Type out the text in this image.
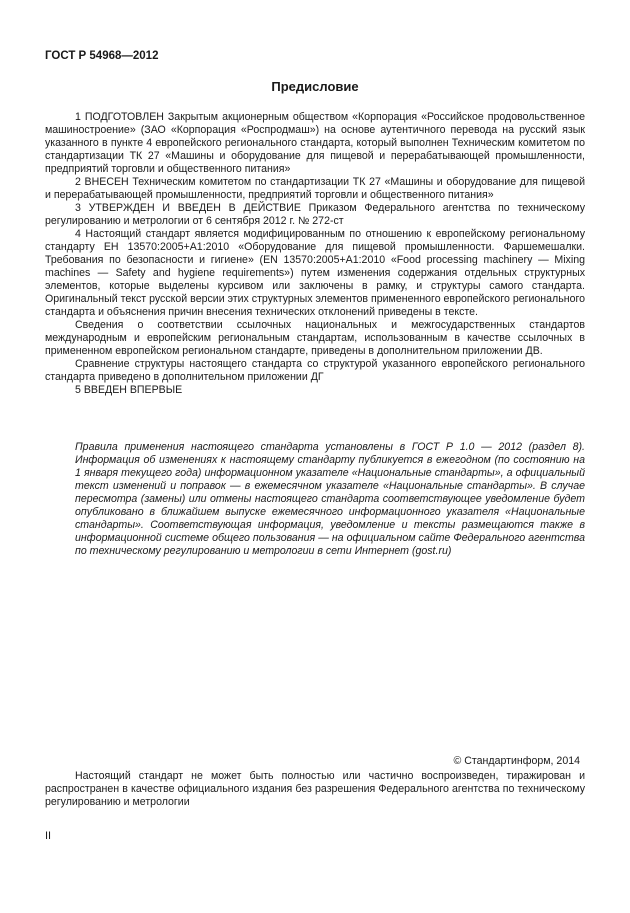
ГОСТ Р 54968—2012
Предисловие

1 ПОДГОТОВЛЕН Закрытым акционерным обществом «Корпорация «Российское продовольственное машиностроение» (ЗАО «Корпорация «Роспродмаш») на основе аутентичного перевода на русский язык указанного в пункте 4 европейского регионального стандарта, который выполнен Техническим комитетом по стандартизации ТК 27 «Машины и оборудование для пищевой и перерабатывающей промышленности, предприятий торговли и общественного питания»

2 ВНЕСЕН Техническим комитетом по стандартизации ТК 27 «Машины и оборудование для пищевой и перерабатывающей промышленности, предприятий торговли и общественного питания»

3 УТВЕРЖДЕН И ВВЕДЕН В ДЕЙСТВИЕ Приказом Федерального агентства по техническому регулированию и метрологии от 6 сентября 2012 г. № 272-ст

4 Настоящий стандарт является модифицированным по отношению к европейскому региональному стандарту ЕН 13570:2005+А1:2010 «Оборудование для пищевой промышленности. Фаршемешалки. Требования по безопасности и гигиене» (EN 13570:2005+A1:2010 «Food processing machinery — Mixing machines — Safety and hygiene requirements») путем изменения содержания отдельных структурных элементов, которые выделены курсивом или заключены в рамку, и структуры самого стандарта. Оригинальный текст русской версии этих структурных элементов примененного европейского регионального стандарта и объяснения причин внесения технических отклонений приведены в тексте.

Сведения о соответствии ссылочных национальных и межгосударственных стандартов международным и европейским региональным стандартам, использованным в качестве ссылочных в примененном европейском региональном стандарте, приведены в дополнительном приложении ДВ.

Сравнение структуры настоящего стандарта со структурой указанного европейского регионального стандарта приведено в дополнительном приложении ДГ

5 ВВЕДЕН ВПЕРВЫЕ

Правила применения настоящего стандарта установлены в ГОСТ Р 1.0 — 2012 (раздел 8). Информация об изменениях к настоящему стандарту публикуется в ежегодном (по состоянию на 1 января текущего года) информационном указателе «Национальные стандарты», а официальный текст изменений и поправок — в ежемесячном указателе «Национальные стандарты». В случае пересмотра (замены) или отмены настоящего стандарта соответствующее уведомление будет опубликовано в ближайшем выпуске ежемесячного информационного указателя «Национальные стандарты». Соответствующая информация, уведомление и тексты размещаются также в информационной системе общего пользования — на официальном сайте Федерального агентства по техническому регулированию и метрологии в сети Интернет (gost.ru)
© Стандартинформ, 2014

Настоящий стандарт не может быть полностью или частично воспроизведен, тиражирован и распространен в качестве официального издания без разрешения Федерального агентства по техническому регулированию и метрологии

II
